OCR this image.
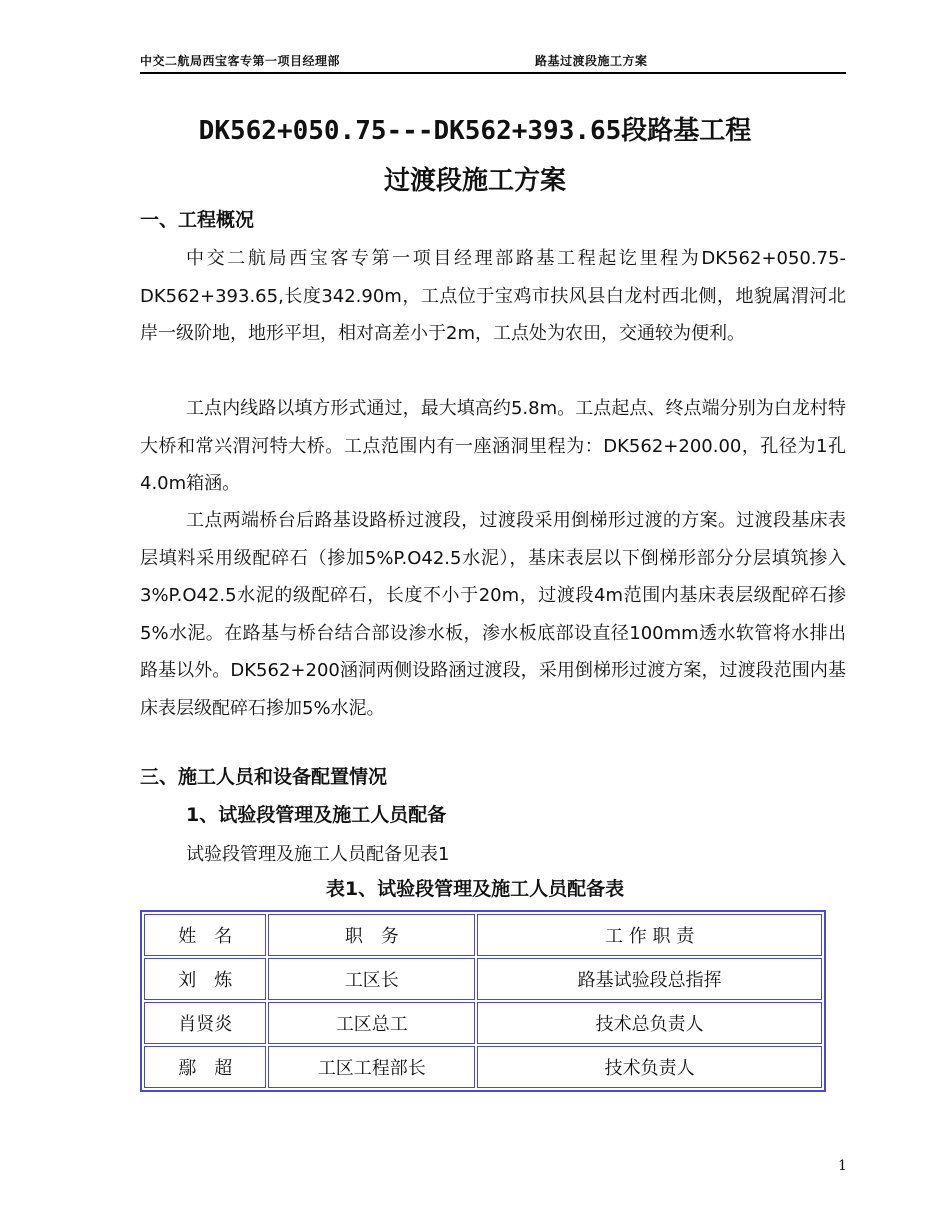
中交二航局西宝客专第一项目经理部	路基过渡段施工方案
DK562+050.75---DK562+393.65段路基工程
过渡段施工方案
一、工程概况
中交二航局西宝客专第一项目经理部路基工程起讫里程为DK562+050.75-DK562+393.65,长度342.90m，工点位于宝鸡市扶风县白龙村西北侧，地貌属渭河北岸一级阶地，地形平坦，相对高差小于2m，工点处为农田，交通较为便利。
工点内线路以填方形式通过，最大填高约5.8m。工点起点、终点端分别为白龙村特大桥和常兴渭河特大桥。工点范围内有一座涵洞里程为：DK562+200.00，孔径为1孔4.0m箱涵。
工点两端桥台后路基设路桥过渡段，过渡段采用倒梯形过渡的方案。过渡段基床表层填料采用级配碎石（掺加5%P.O42.5水泥），基床表层以下倒梯形部分分层填筑掺入3%P.O42.5水泥的级配碎石，长度不小于20m，过渡段4m范围内基床表层级配碎石掺5%水泥。在路基与桥台结合部设渗水板，渗水板底部设直径100mm透水软管将水排出路基以外。DK562+200涵洞两侧设路涵过渡段，采用倒梯形过渡方案，过渡段范围内基床表层级配碎石掺加5%水泥。
三、施工人员和设备配置情况
1、试验段管理及施工人员配备
试验段管理及施工人员配备见表1
表1、试验段管理及施工人员配备表
姓　名	职　务	工 作 职 责
刘　炼	工区长	路基试验段总指挥
肖贤炎	工区总工	技术总负责人
鄢　超	工区工程部长	技术负责人
1
